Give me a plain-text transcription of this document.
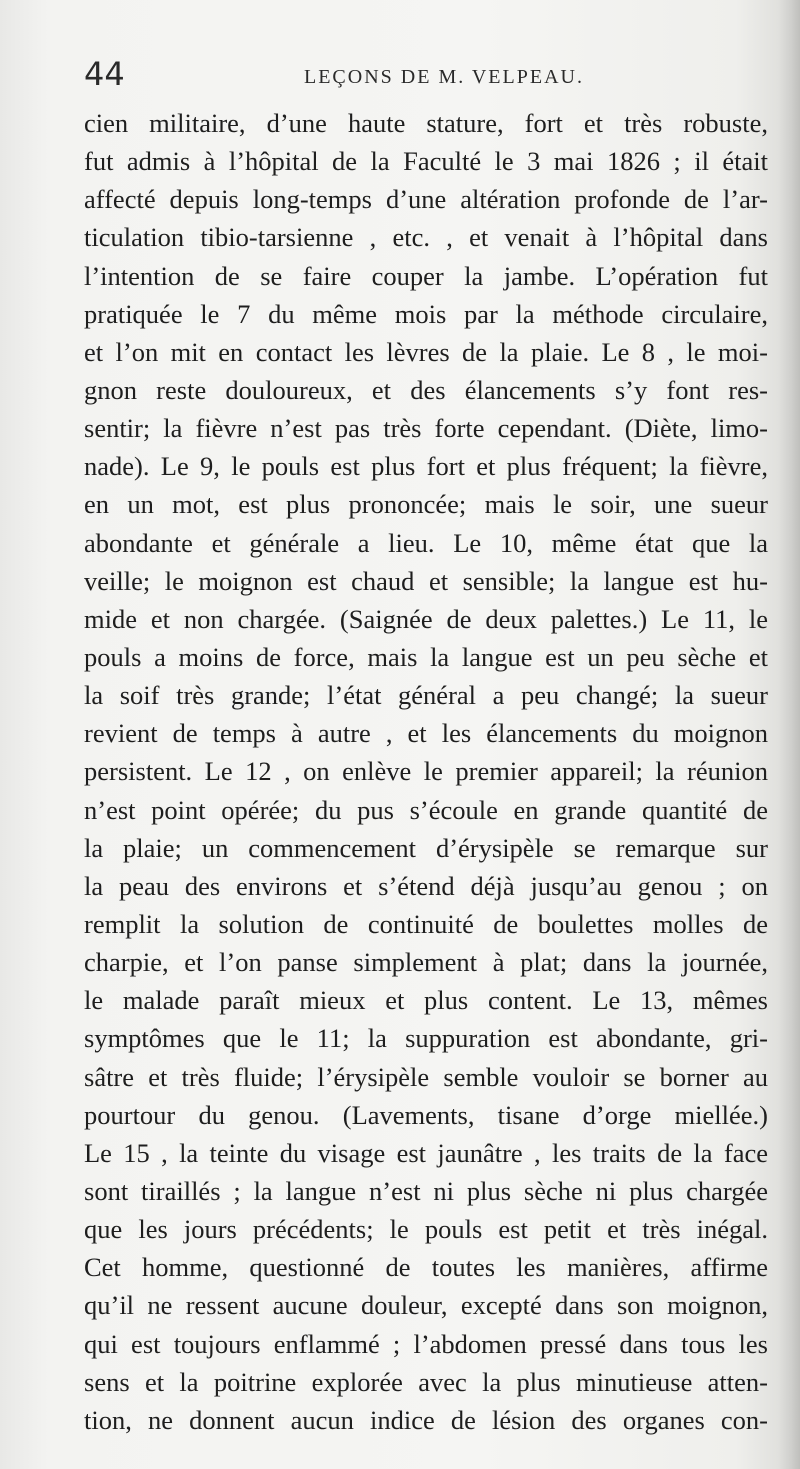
44	LEÇONS DE M. VELPEAU.
cien militaire, d’une haute stature, fort et très robuste,
fut admis à l’hôpital de la Faculté le 3 mai 1826 ; il était
affecté depuis long-temps d’une altération profonde de l’ar-
ticulation tibio-tarsienne , etc. , et venait à l’hôpital dans
l’intention de se faire couper la jambe. L’opération fut
pratiquée le 7 du même mois par la méthode circulaire,
et l’on mit en contact les lèvres de la plaie. Le 8 , le moi-
gnon reste douloureux, et des élancements s’y font res-
sentir; la fièvre n’est pas très forte cependant. (Diète, limo-
nade). Le 9, le pouls est plus fort et plus fréquent; la fièvre,
en un mot, est plus prononcée; mais le soir, une sueur
abondante et générale a lieu. Le 10, même état que la
veille; le moignon est chaud et sensible; la langue est hu-
mide et non chargée. (Saignée de deux palettes.) Le 11, le
pouls a moins de force, mais la langue est un peu sèche et
la soif très grande; l’état général a peu changé; la sueur
revient de temps à autre , et les élancements du moignon
persistent. Le 12 , on enlève le premier appareil; la réunion
n’est point opérée; du pus s’écoule en grande quantité de
la plaie; un commencement d’érysipèle se remarque sur
la peau des environs et s’étend déjà jusqu’au genou ; on
remplit la solution de continuité de boulettes molles de
charpie, et l’on panse simplement à plat; dans la journée,
le malade paraît mieux et plus content. Le 13, mêmes
symptômes que le 11; la suppuration est abondante, gri-
sâtre et très fluide; l’érysipèle semble vouloir se borner au
pourtour du genou. (Lavements, tisane d’orge miellée.)
Le 15 , la teinte du visage est jaunâtre , les traits de la face
sont tiraillés ; la langue n’est ni plus sèche ni plus chargée
que les jours précédents; le pouls est petit et très inégal.
Cet homme, questionné de toutes les manières, affirme
qu’il ne ressent aucune douleur, excepté dans son moignon,
qui est toujours enflammé ; l’abdomen pressé dans tous les
sens et la poitrine explorée avec la plus minutieuse atten-
tion, ne donnent aucun indice de lésion des organes con-
